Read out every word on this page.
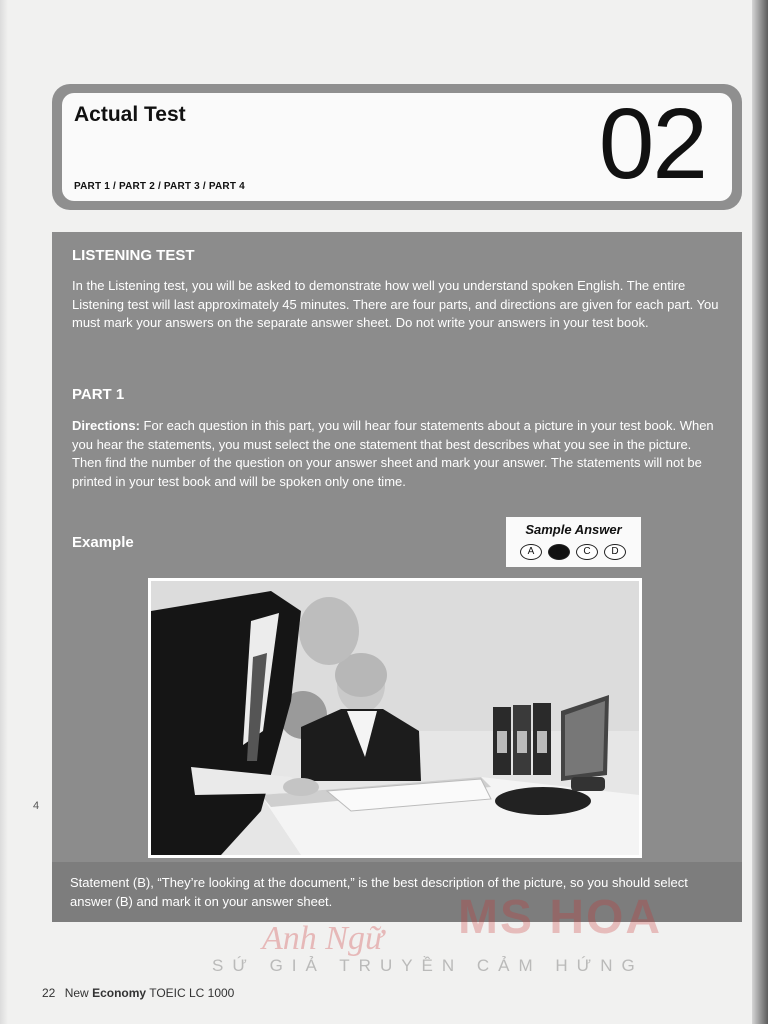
Actual Test
PART 1 / PART 2 / PART 3 / PART 4	02
LISTENING TEST
In the Listening test, you will be asked to demonstrate how well you understand spoken English. The entire Listening test will last approximately 45 minutes. There are four parts, and directions are given for each part. You must mark your answers on the separate answer sheet. Do not write your answers in your test book.
PART 1
Directions: For each question in this part, you will hear four statements about a picture in your test book. When you hear the statements, you must select the one statement that best describes what you see in the picture. Then find the number of the question on your answer sheet and mark your answer. The statements will not be printed in your test book and will be spoken only one time.
Example
Sample Answer
A	B	C	D
Statement (B), “They’re looking at the document,” is the best description of the picture, so you should select answer (B) and mark it on your answer sheet.
Anh Ngữ MS HOA
SỨ GIẢ TRUYỀN CẢM HỨNG
4
22 New Economy TOEIC LC 1000
